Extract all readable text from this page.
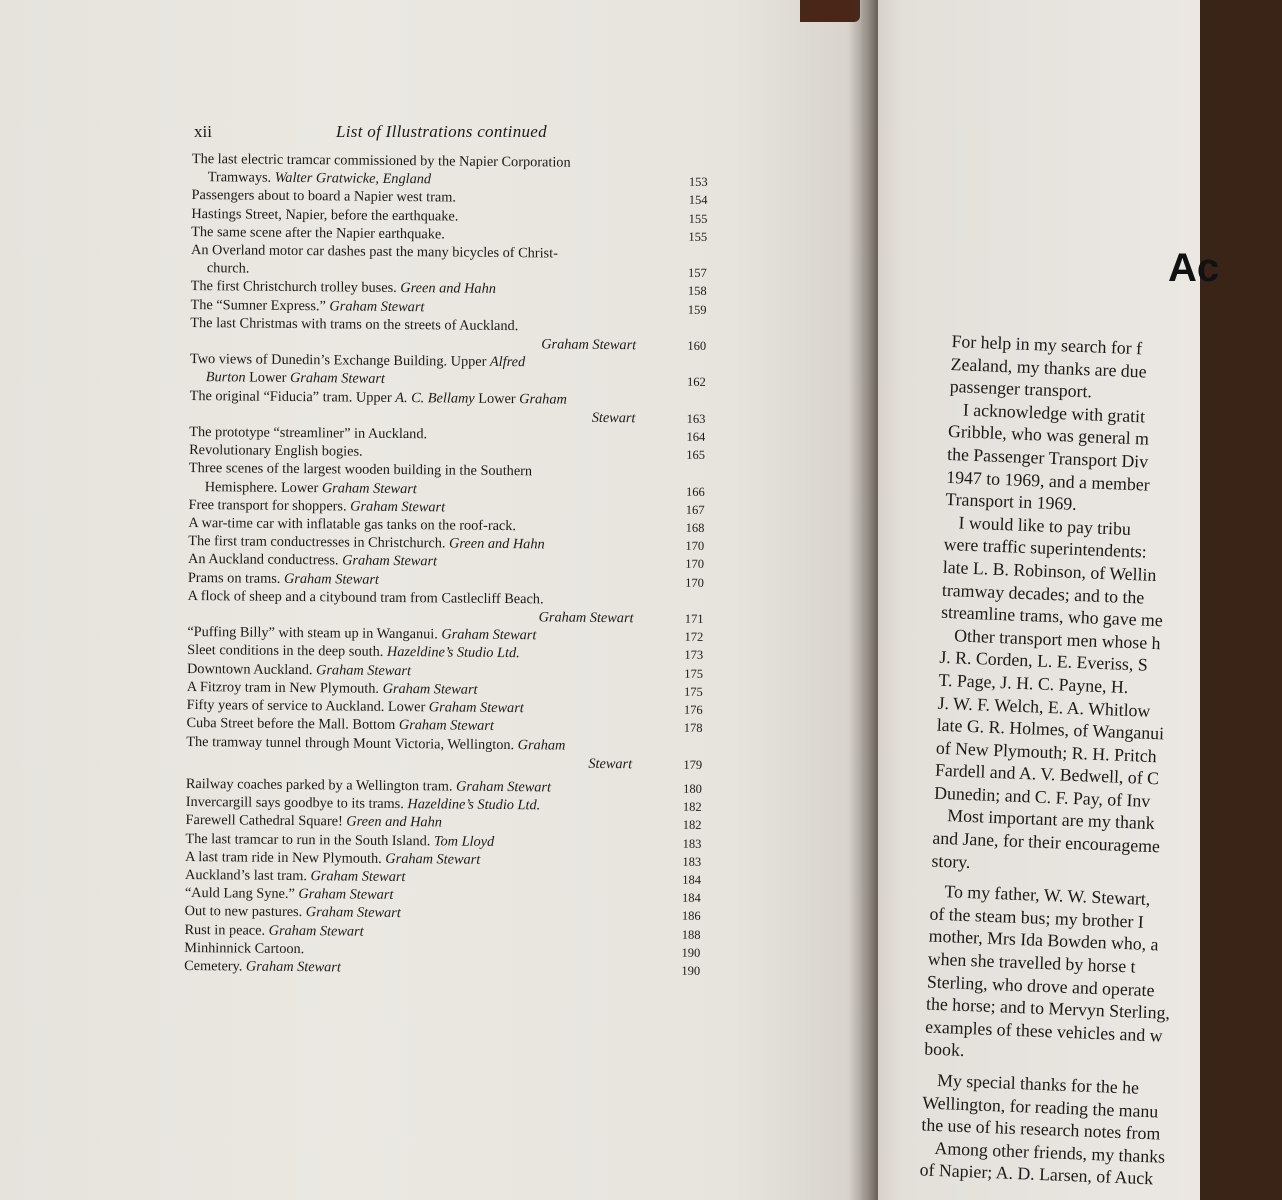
xii	List of Illustrations continued
The last electric tramcar commissioned by the Napier Corporation
Tramways. Walter Gratwicke, England	153
Passengers about to board a Napier west tram.	154
Hastings Street, Napier, before the earthquake.	155
The same scene after the Napier earthquake.	155
An Overland motor car dashes past the many bicycles of Christ-
church.	157
The first Christchurch trolley buses. Green and Hahn	158
The “Sumner Express.” Graham Stewart	159
The last Christmas with trams on the streets of Auckland.
Graham Stewart	160
Two views of Dunedin’s Exchange Building. Upper Alfred
Burton Lower Graham Stewart	162
The original “Fiducia” tram. Upper A. C. Bellamy Lower Graham
Stewart	163
The prototype “streamliner” in Auckland.	164
Revolutionary English bogies.	165
Three scenes of the largest wooden building in the Southern
Hemisphere. Lower Graham Stewart	166
Free transport for shoppers. Graham Stewart	167
A war-time car with inflatable gas tanks on the roof-rack.	168
The first tram conductresses in Christchurch. Green and Hahn	170
An Auckland conductress. Graham Stewart	170
Prams on trams. Graham Stewart	170
A flock of sheep and a citybound tram from Castlecliff Beach.
Graham Stewart	171
“Puffing Billy” with steam up in Wanganui. Graham Stewart	172
Sleet conditions in the deep south. Hazeldine’s Studio Ltd.	173
Downtown Auckland. Graham Stewart	175
A Fitzroy tram in New Plymouth. Graham Stewart	175
Fifty years of service to Auckland. Lower Graham Stewart	176
Cuba Street before the Mall. Bottom Graham Stewart	178
The tramway tunnel through Mount Victoria, Wellington. Graham
Stewart	179
Railway coaches parked by a Wellington tram. Graham Stewart	180
Invercargill says goodbye to its trams. Hazeldine’s Studio Ltd.	182
Farewell Cathedral Square! Green and Hahn	182
The last tramcar to run in the South Island. Tom Lloyd	183
A last tram ride in New Plymouth. Graham Stewart	183
Auckland’s last tram. Graham Stewart	184
“Auld Lang Syne.” Graham Stewart	184
Out to new pastures. Graham Stewart	186
Rust in peace. Graham Stewart	188
Minhinnick Cartoon.	190
Cemetery. Graham Stewart	190
Ac
For help in my search for f
Zealand, my thanks are due
passenger transport.
I acknowledge with gratit
Gribble, who was general m
the Passenger Transport Div
1947 to 1969, and a member
Transport in 1969.
I would like to pay tribu
were traffic superintendents:
late L. B. Robinson, of Wellin
tramway decades; and to the
streamline trams, who gave me
Other transport men whose h
J. R. Corden, L. E. Everiss, S
T. Page, J. H. C. Payne, H.
J. W. F. Welch, E. A. Whitlow
late G. R. Holmes, of Wanganui
of New Plymouth; R. H. Pritch
Fardell and A. V. Bedwell, of C
Dunedin; and C. F. Pay, of Inv
Most important are my thank
and Jane, for their encourageme
story.
To my father, W. W. Stewart,
of the steam bus; my brother I
mother, Mrs Ida Bowden who, a
when she travelled by horse t
Sterling, who drove and operate
the horse; and to Mervyn Sterling,
examples of these vehicles and w
book.
My special thanks for the he
Wellington, for reading the manu
the use of his research notes from
Among other friends, my thanks
of Napier; A. D. Larsen, of Auck
